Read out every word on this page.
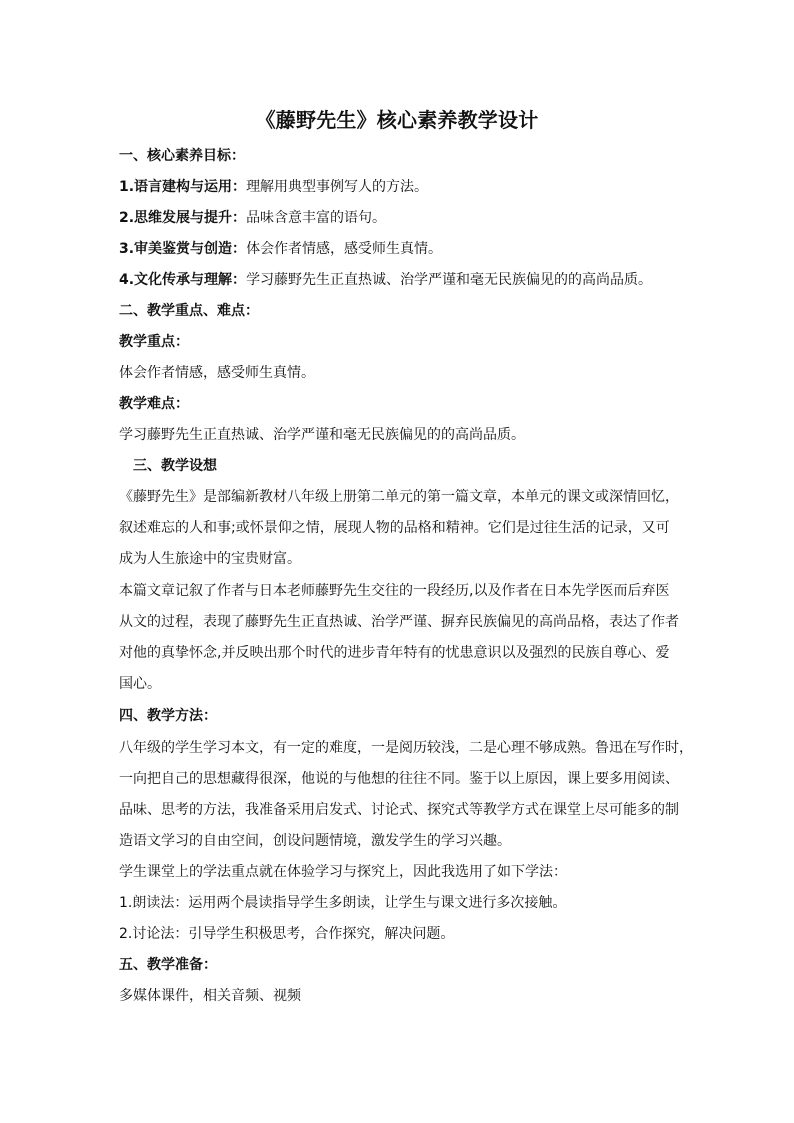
《藤野先生》核心素养教学设计
一、核心素养目标：
1.语言建构与运用：理解用典型事例写人的方法。
2.思维发展与提升：品味含意丰富的语句。
3.审美鉴赏与创造：体会作者情感，感受师生真情。
4.文化传承与理解：学习藤野先生正直热诚、治学严谨和毫无民族偏见的的高尚品质。
二、教学重点、难点：
教学重点：
体会作者情感，感受师生真情。
教学难点：
学习藤野先生正直热诚、治学严谨和毫无民族偏见的的高尚品质。
三、教学设想
《藤野先生》是部编新教材八年级上册第二单元的第一篇文章，本单元的课文或深情回忆，
叙述难忘的人和事;或怀景仰之情，展现人物的品格和精神。它们是过往生活的记录，又可
成为人生旅途中的宝贵财富。
本篇文章记叙了作者与日本老师藤野先生交往的一段经历,以及作者在日本先学医而后弃医
从文的过程，表现了藤野先生正直热诚、治学严谨、摒弃民族偏见的高尚品格，表达了作者
对他的真挚怀念,并反映出那个时代的进步青年特有的忧患意识以及强烈的民族自尊心、爱
国心。
四、教学方法：
八年级的学生学习本文，有一定的难度，一是阅历较浅，二是心理不够成熟。鲁迅在写作时，
一向把自己的思想藏得很深，他说的与他想的往往不同。鉴于以上原因，课上要多用阅读、
品味、思考的方法，我准备采用启发式、讨论式、探究式等教学方式在课堂上尽可能多的制
造语文学习的自由空间，创设问题情境，激发学生的学习兴趣。
学生课堂上的学法重点就在体验学习与探究上，因此我选用了如下学法：
1.朗读法：运用两个晨读指导学生多朗读，让学生与课文进行多次接触。
2.讨论法：引导学生积极思考，合作探究，解决问题。
五、教学准备：
多媒体课件，相关音频、视频
